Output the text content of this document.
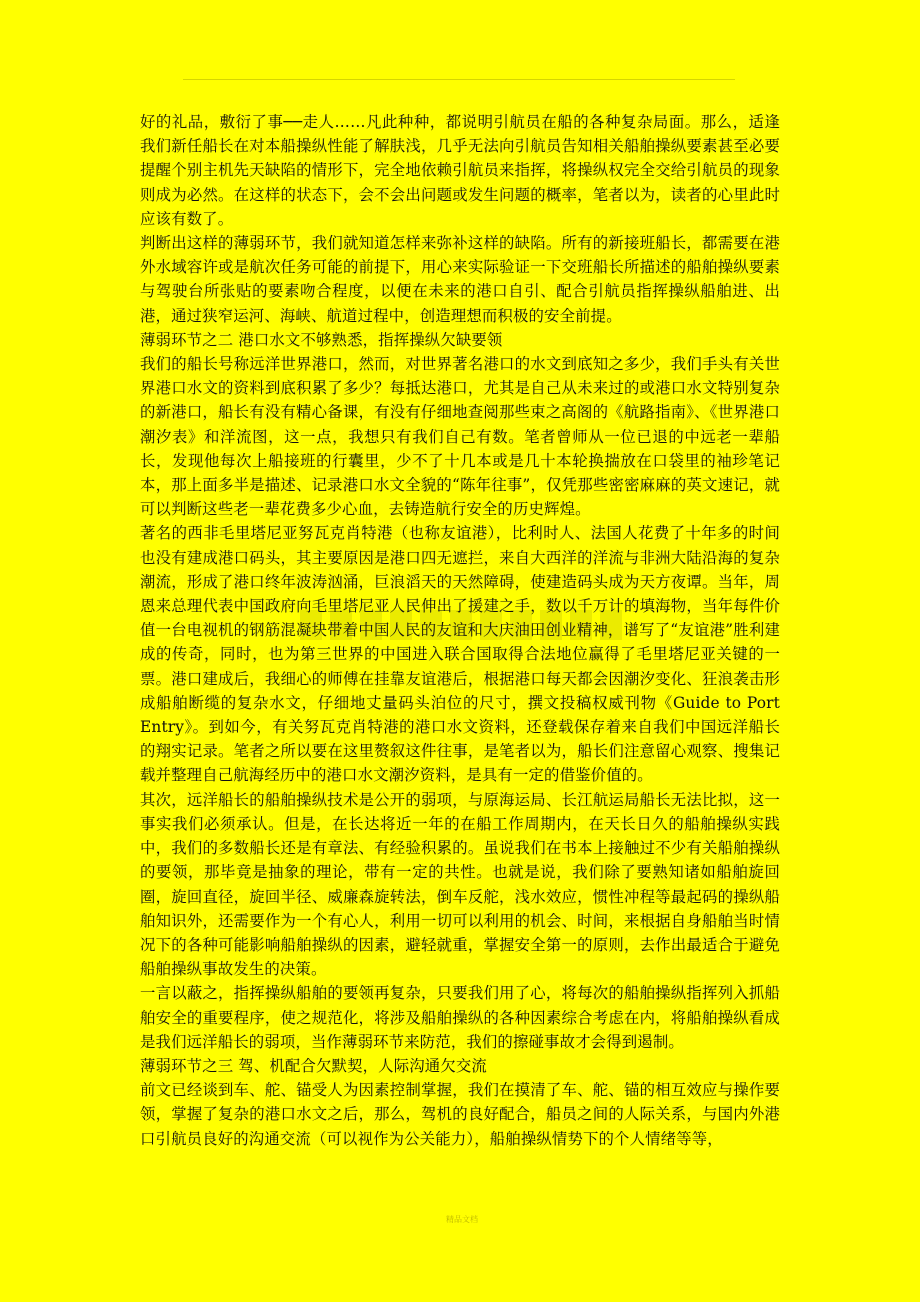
好的礼品，敷衍了事──走人……凡此种种，都说明引航员在船的各种复杂局面。那么，适逢我们新任船长在对本船操纵性能了解肤浅，几乎无法向引航员告知相关船舶操纵要素甚至必要提醒个别主机先天缺陷的情形下，完全地依赖引航员来指挥，将操纵权完全交给引航员的现象则成为必然。在这样的状态下，会不会出问题或发生问题的概率，笔者以为，读者的心里此时应该有数了。

判断出这样的薄弱环节，我们就知道怎样来弥补这样的缺陷。所有的新接班船长，都需要在港外水域容许或是航次任务可能的前提下，用心来实际验证一下交班船长所描述的船舶操纵要素与驾驶台所张贴的要素吻合程度，以便在未来的港口自引、配合引航员指挥操纵船舶进、出港，通过狭窄运河、海峡、航道过程中，创造理想而积极的安全前提。

薄弱环节之二 港口水文不够熟悉，指挥操纵欠缺要领

我们的船长号称远洋世界港口，然而，对世界著名港口的水文到底知之多少，我们手头有关世界港口水文的资料到底积累了多少？每抵达港口，尤其是自己从未来过的或港口水文特别复杂的新港口，船长有没有精心备课，有没有仔细地查阅那些束之高阁的《航路指南》、《世界港口潮汐表》和洋流图，这一点，我想只有我们自己有数。笔者曾师从一位已退的中远老一辈船长，发现他每次上船接班的行囊里，少不了十几本或是几十本轮换揣放在口袋里的袖珍笔记本，那上面多半是描述、记录港口水文全貌的“陈年往事”，仅凭那些密密麻麻的英文速记，就可以判断这些老一辈花费多少心血，去铸造航行安全的历史辉煌。

著名的西非毛里塔尼亚努瓦克肖特港（也称友谊港），比利时人、法国人花费了十年多的时间也没有建成港口码头，其主要原因是港口四无遮拦，来自大西洋的洋流与非洲大陆沿海的复杂潮流，形成了港口终年波涛汹涌，巨浪滔天的天然障碍，使建造码头成为天方夜谭。当年，周恩来总理代表中国政府向毛里塔尼亚人民伸出了援建之手，数以千万计的填海物，当年每件价值一台电视机的钢筋混凝块带着中国人民的友谊和大庆油田创业精神，谱写了“友谊港”胜利建成的传奇，同时，也为第三世界的中国进入联合国取得合法地位赢得了毛里塔尼亚关键的一票。港口建成后，我细心的师傅在挂靠友谊港后，根据港口每天都会因潮汐变化、狂浪袭击形成船舶断缆的复杂水文，仔细地丈量码头泊位的尺寸，撰文投稿权威刊物《Guide to Port Entry》。到如今，有关努瓦克肖特港的港口水文资料，还登载保存着来自我们中国远洋船长的翔实记录。笔者之所以要在这里赘叙这件往事，是笔者以为，船长们注意留心观察、搜集记载并整理自己航海经历中的港口水文潮汐资料，是具有一定的借鉴价值的。

其次，远洋船长的船舶操纵技术是公开的弱项，与原海运局、长江航运局船长无法比拟，这一事实我们必须承认。但是，在长达将近一年的在船工作周期内，在天长日久的船舶操纵实践中，我们的多数船长还是有章法、有经验积累的。虽说我们在书本上接触过不少有关船舶操纵的要领，那毕竟是抽象的理论，带有一定的共性。也就是说，我们除了要熟知诸如船舶旋回圈，旋回直径，旋回半径、威廉森旋转法，倒车反舵，浅水效应，惯性冲程等最起码的操纵船舶知识外，还需要作为一个有心人，利用一切可以利用的机会、时间，来根据自身船舶当时情况下的各种可能影响船舶操纵的因素，避轻就重，掌握安全第一的原则，去作出最适合于避免船舶操纵事故发生的决策。

一言以蔽之，指挥操纵船舶的要领再复杂，只要我们用了心，将每次的船舶操纵指挥列入抓船舶安全的重要程序，使之规范化，将涉及船舶操纵的各种因素综合考虑在内，将船舶操纵看成是我们远洋船长的弱项，当作薄弱环节来防范，我们的擦碰事故才会得到遏制。

薄弱环节之三 驾、机配合欠默契，人际沟通欠交流

前文已经谈到车、舵、锚受人为因素控制掌握，我们在摸清了车、舵、锚的相互效应与操作要领，掌握了复杂的港口水文之后，那么，驾机的良好配合，船员之间的人际关系，与国内外港口引航员良好的沟通交流（可以视作为公关能力），船舶操纵情势下的个人情绪等等，

精品文档
